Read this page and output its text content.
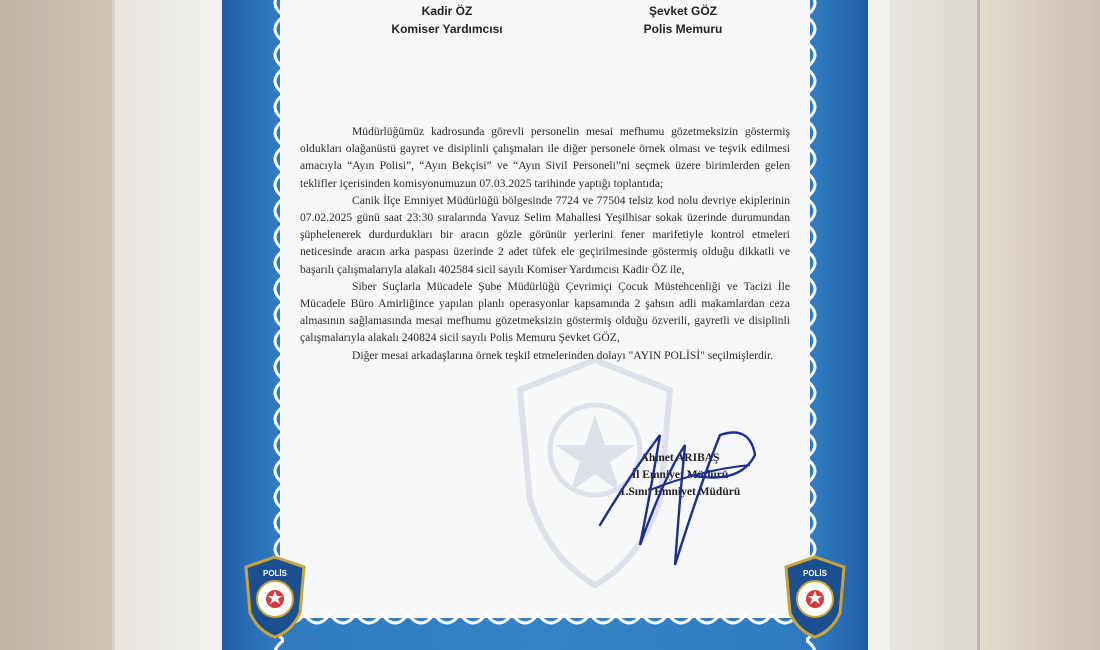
Kadir ÖZ
Komiser Yardımcısı
Şevket GÖZ
Polis Memuru
POLİS	POLİS

Müdürlüğümüz kadrosunda görevli personelin mesai mefhumu gözetmeksizin göstermiş oldukları olağanüstü gayret ve disiplinli çalışmaları ile diğer personele örnek olması ve teşvik edilmesi amacıyla “Ayın Polisi”, “Ayın Bekçisi” ve “Ayın Sivil Personeli”ni seçmek üzere birimlerden gelen teklifler içerisinden komisyonumuzun 07.03.2025 tarihinde yaptığı toplantıda;

Canik İlçe Emniyet Müdürlüğü bölgesinde 7724 ve 77504 telsiz kod nolu devriye ekiplerinin 07.02.2025 günü saat 23:30 sıralarında Yavuz Selim Mahallesi Yeşilhisar sokak üzerinde durumundan şüphelenerek durdurdukları bir aracın gözle görünür yerlerini fener marifetiyle kontrol etmeleri neticesinde aracın arka paspası üzerinde 2 adet tüfek ele geçirilmesinde göstermiş olduğu dikkatli ve başarılı çalışmalarıyla alakalı 402584 sicil sayılı Komiser Yardımcısı Kadir ÖZ ile,

Siber Suçlarla Mücadele Şube Müdürlüğü Çevrimiçi Çocuk Müstehcenliği ve Tacizi İle Mücadele Büro Amirliğince yapılan planlı operasyonlar kapsamında 2 şahsın adli makamlardan ceza almasının sağlamasında mesai mefhumu gözetmeksizin göstermiş olduğu özverili, gayretli ve disiplinli çalışmalarıyla alakalı 240824 sicil sayılı Polis Memuru Şevket GÖZ,

Diğer mesai arkadaşlarına örnek teşkil etmelerinden dolayı "AYIN POLİSİ" seçilmişlerdir.

Ahmet ARIBAŞ
İl Emniyet Müdürü
1.Sınıf Emniyet Müdürü
